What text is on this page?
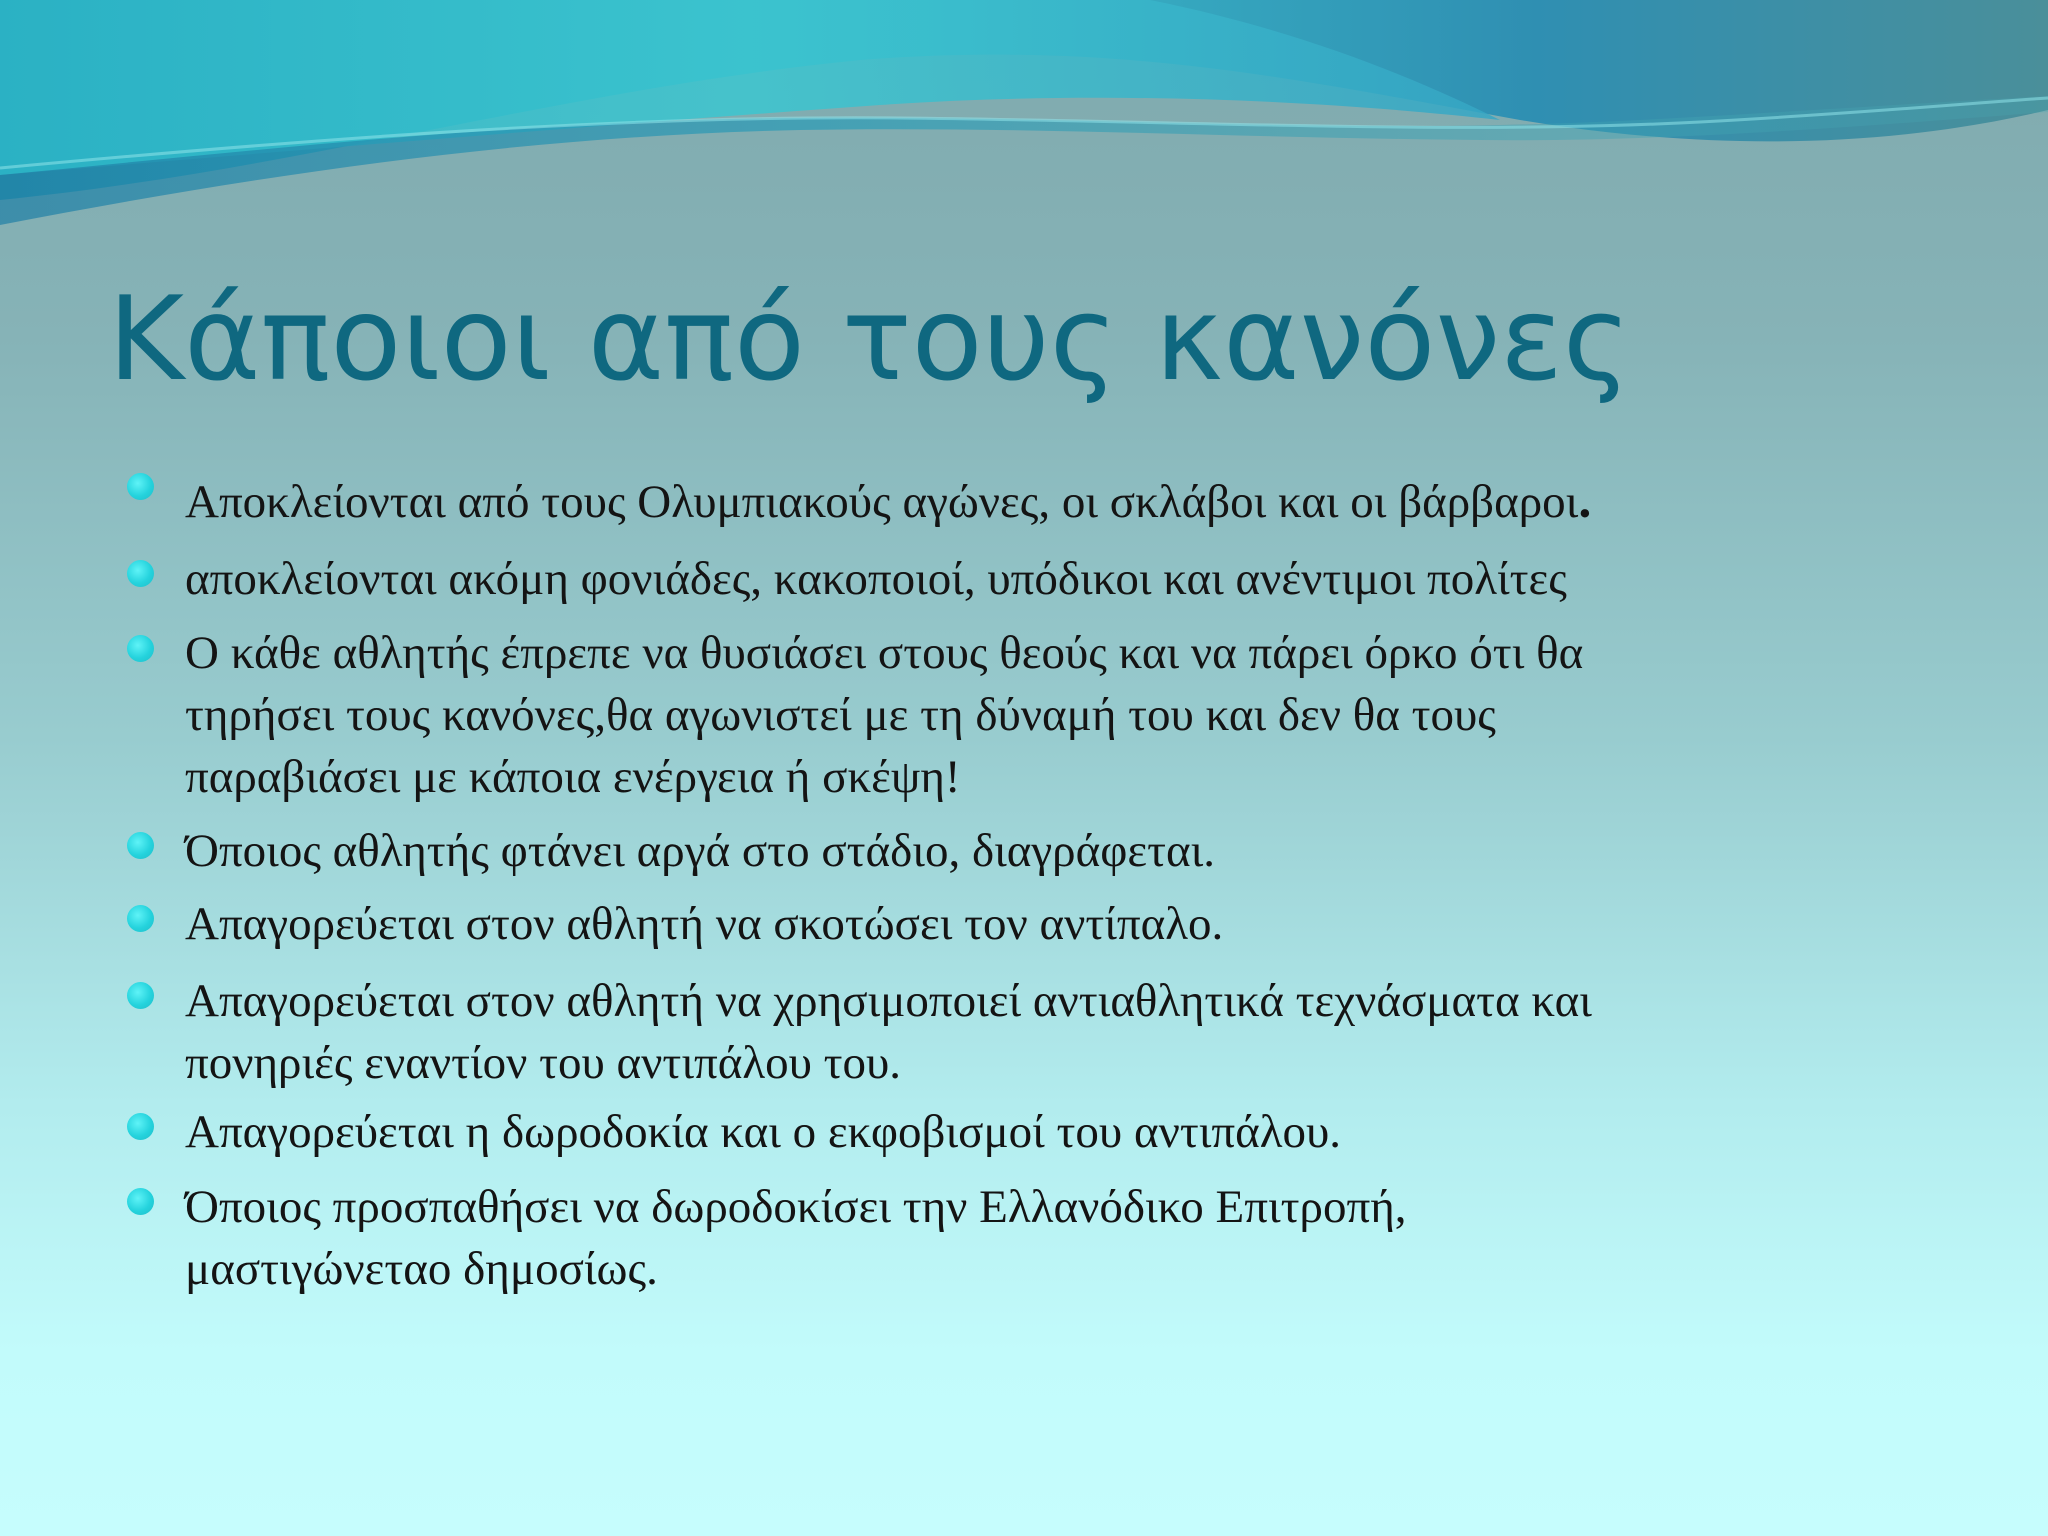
Κάποιοι από τους κανόνες

Αποκλείονται από τους Ολυμπιακούς αγώνες, οι σκλάβοι και οι βάρβαροι.

αποκλείονται ακόμη φονιάδες, κακοποιοί, υπόδικοι και ανέντιμοι πολίτες

Ο κάθε αθλητής έπρεπε να θυσιάσει στους θεούς και να πάρει όρκο ότι θα
τηρήσει τους κανόνες,θα αγωνιστεί με τη δύναμή του και δεν θα τους
παραβιάσει με κάποια ενέργεια ή σκέψη!

Όποιος αθλητής φτάνει αργά στο στάδιο, διαγράφεται.

Απαγορεύεται στον αθλητή να σκοτώσει τον αντίπαλο.

Απαγορεύεται στον αθλητή να χρησιμοποιεί αντιαθλητικά τεχνάσματα και
πονηριές εναντίον του αντιπάλου του.

Απαγορεύεται η δωροδοκία και ο εκφοβισμοί του αντιπάλου.

Όποιος προσπαθήσει να δωροδοκίσει την Ελλανόδικο Επιτροπή,
μαστιγώνεταο δημοσίως.
